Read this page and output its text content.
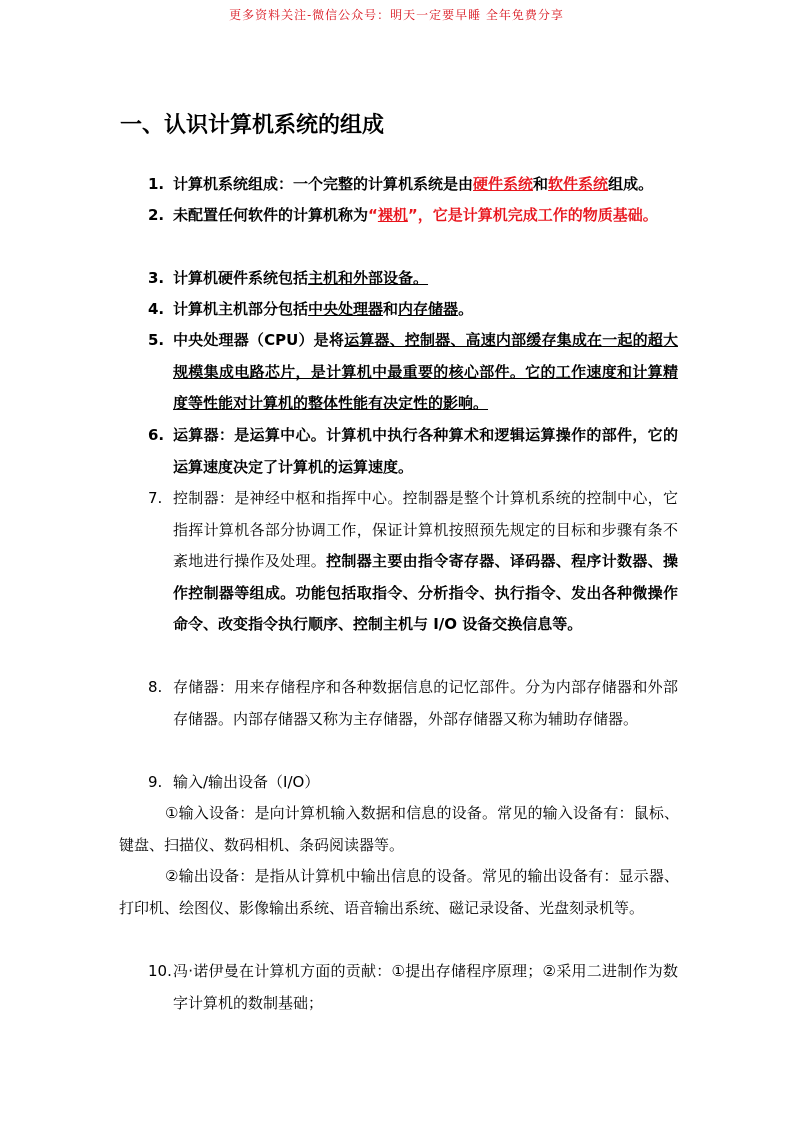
更多资料关注-微信公众号：明天一定要早睡 全年免费分享
一、认识计算机系统的组成
1. 计算机系统组成：一个完整的计算机系统是由硬件系统和软件系统组成。
2. 未配置任何软件的计算机称为“裸机”，它是计算机完成工作的物质基础。
3. 计算机硬件系统包括主机和外部设备。
4. 计算机主机部分包括中央处理器和内存储器。
5. 中央处理器（CPU）是将运算器、控制器、高速内部缓存集成在一起的超大规模集成电路芯片，是计算机中最重要的核心部件。它的工作速度和计算精度等性能对计算机的整体性能有决定性的影响。
6. 运算器：是运算中心。计算机中执行各种算术和逻辑运算操作的部件，它的运算速度决定了计算机的运算速度。
7. 控制器：是神经中枢和指挥中心。控制器是整个计算机系统的控制中心，它指挥计算机各部分协调工作，保证计算机按照预先规定的目标和步骤有条不紊地进行操作及处理。控制器主要由指令寄存器、译码器、程序计数器、操作控制器等组成。功能包括取指令、分析指令、执行指令、发出各种微操作命令、改变指令执行顺序、控制主机与 I/O 设备交换信息等。
8. 存储器：用来存储程序和各种数据信息的记忆部件。分为内部存储器和外部存储器。内部存储器又称为主存储器，外部存储器又称为辅助存储器。
9. 输入/输出设备（I/O）
①输入设备：是向计算机输入数据和信息的设备。常见的输入设备有：鼠标、键盘、扫描仪、数码相机、条码阅读器等。
②输出设备：是指从计算机中输出信息的设备。常见的输出设备有：显示器、打印机、绘图仪、影像输出系统、语音输出系统、磁记录设备、光盘刻录机等。
10. 冯·诺伊曼在计算机方面的贡献：①提出存储程序原理；②采用二进制作为数字计算机的数制基础；
